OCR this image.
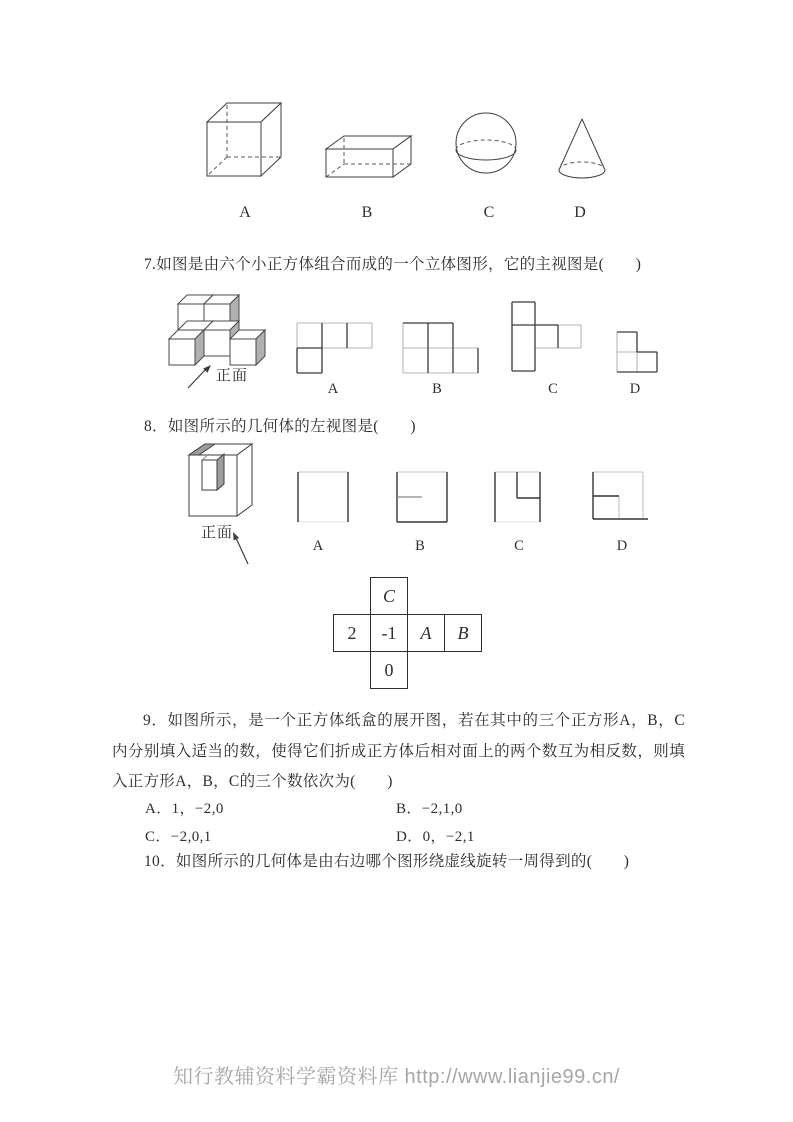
A	B	C	D
7.如图是由六个小正方体组合而成的一个立体图形，它的主视图是(　　)
正面
A	B	C	D
8．如图所示的几何体的左视图是(　　)
正面
A	B	C	D
	C		
2	-1	A	B
	0		
9．如图所示，是一个正方体纸盒的展开图，若在其中的三个正方形A，B，C内分别填入适当的数，使得它们折成正方体后相对面上的两个数互为相反数，则填入正方形A，B，C的三个数依次为(　　)
A．1，−2,0	B．−2,1,0
C．−2,0,1	D．0，−2,1
10．如图所示的几何体是由右边哪个图形绕虚线旋转一周得到的(　　)
知行教辅资料学霸资料库 http://www.lianjie99.cn/
